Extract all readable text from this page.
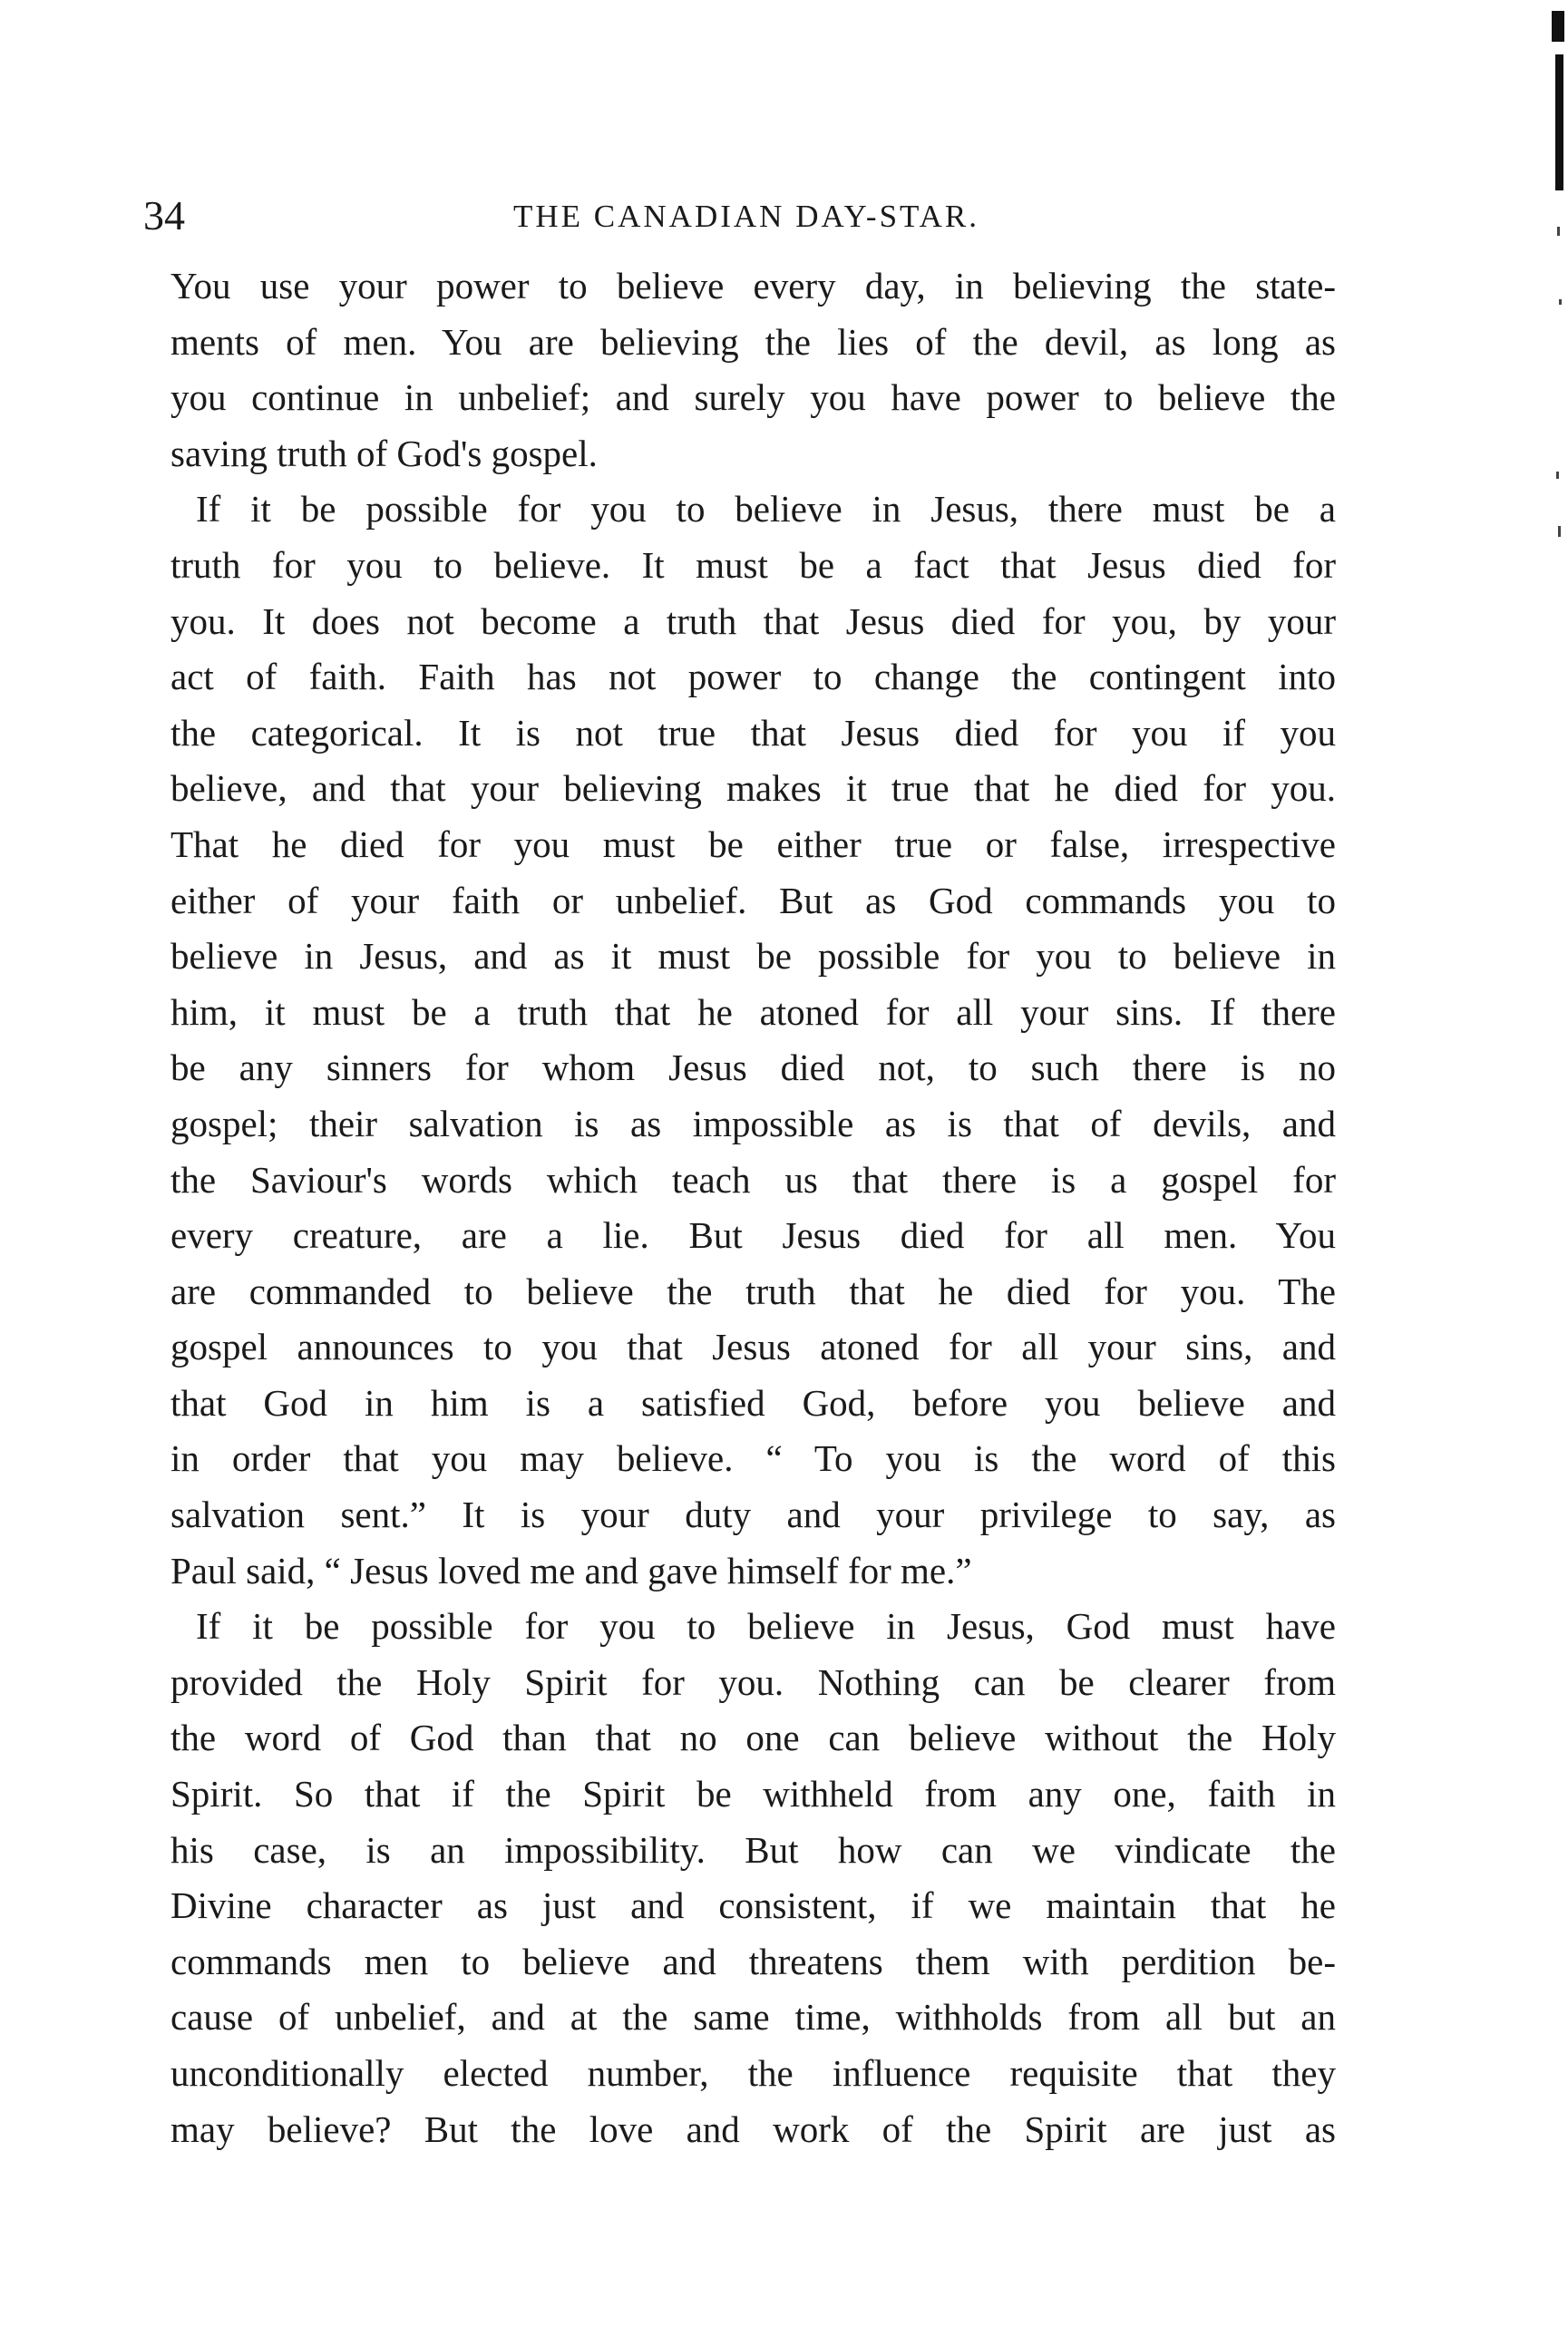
34	THE CANADIAN DAY-STAR.
You use your power to believe every day, in believing the state-
ments of men. You are believing the lies of the devil, as long as
you continue in unbelief; and surely you have power to believe the
saving truth of God's gospel.
If it be possible for you to believe in Jesus, there must be a
truth for you to believe. It must be a fact that Jesus died for
you. It does not become a truth that Jesus died for you, by your
act of faith. Faith has not power to change the contingent into
the categorical. It is not true that Jesus died for you if you
believe, and that your believing makes it true that he died for you.
That he died for you must be either true or false, irrespective
either of your faith or unbelief. But as God commands you to
believe in Jesus, and as it must be possible for you to believe in
him, it must be a truth that he atoned for all your sins. If there
be any sinners for whom Jesus died not, to such there is no
gospel; their salvation is as impossible as is that of devils, and
the Saviour's words which teach us that there is a gospel for
every creature, are a lie. But Jesus died for all men. You
are commanded to believe the truth that he died for you. The
gospel announces to you that Jesus atoned for all your sins, and
that God in him is a satisfied God, before you believe and
in order that you may believe. “ To you is the word of this
salvation sent.” It is your duty and your privilege to say, as
Paul said, “ Jesus loved me and gave himself for me.”
If it be possible for you to believe in Jesus, God must have
provided the Holy Spirit for you. Nothing can be clearer from
the word of God than that no one can believe without the Holy
Spirit. So that if the Spirit be withheld from any one, faith in
his case, is an impossibility. But how can we vindicate the
Divine character as just and consistent, if we maintain that he
commands men to believe and threatens them with perdition be-
cause of unbelief, and at the same time, withholds from all but an
unconditionally elected number, the influence requisite that they
may believe? But the love and work of the Spirit are just as
